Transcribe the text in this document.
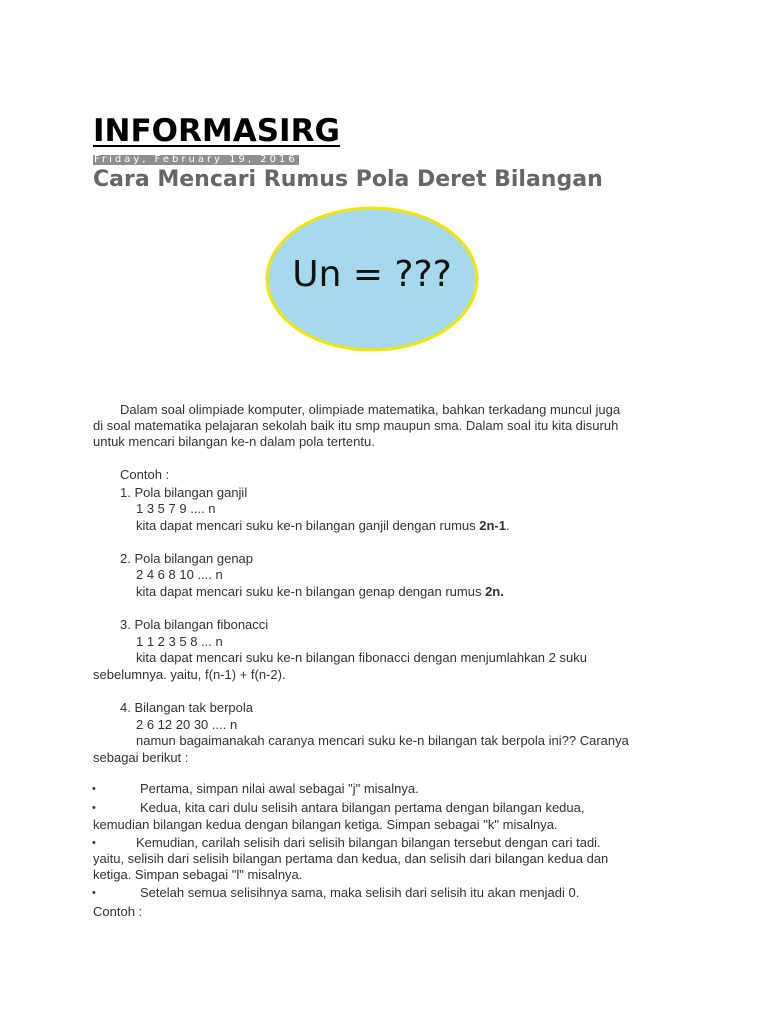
INFORMASIRG
Friday, February 19, 2016
Cara Mencari Rumus Pola Deret Bilangan
Un = ???
Dalam soal olimpiade komputer, olimpiade matematika, bahkan terkadang muncul juga
di soal matematika pelajaran sekolah baik itu smp maupun sma. Dalam soal itu kita disuruh
untuk mencari bilangan ke-n dalam pola tertentu.
Contoh :
1. Pola bilangan ganjil
1 3 5 7 9 .... n
kita dapat mencari suku ke-n bilangan ganjil dengan rumus 2n-1.
2. Pola bilangan genap
2 4 6 8 10 .... n
kita dapat mencari suku ke-n bilangan genap dengan rumus 2n.
3. Pola bilangan fibonacci
1 1 2 3 5 8 ... n
kita dapat mencari suku ke-n bilangan fibonacci dengan menjumlahkan 2 suku
sebelumnya. yaitu, f(n-1) + f(n-2).
4. Bilangan tak berpola
2 6 12 20 30 .... n
namun bagaimanakah caranya mencari suku ke-n bilangan tak berpola ini?? Caranya
sebagai berikut :
•	Pertama, simpan nilai awal sebagai "j" misalnya.
•	Kedua, kita cari dulu selisih antara bilangan pertama dengan bilangan kedua,
kemudian bilangan kedua dengan bilangan ketiga. Simpan sebagai "k" misalnya.
•	Kemudian, carilah selisih dari selisih bilangan bilangan tersebut dengan cari tadi.
yaitu, selisih dari selisih bilangan pertama dan kedua, dan selisih dari bilangan kedua dan
ketiga. Simpan sebagai "l" misalnya.
•	Setelah semua selisihnya sama, maka selisih dari selisih itu akan menjadi 0.
Contoh :
